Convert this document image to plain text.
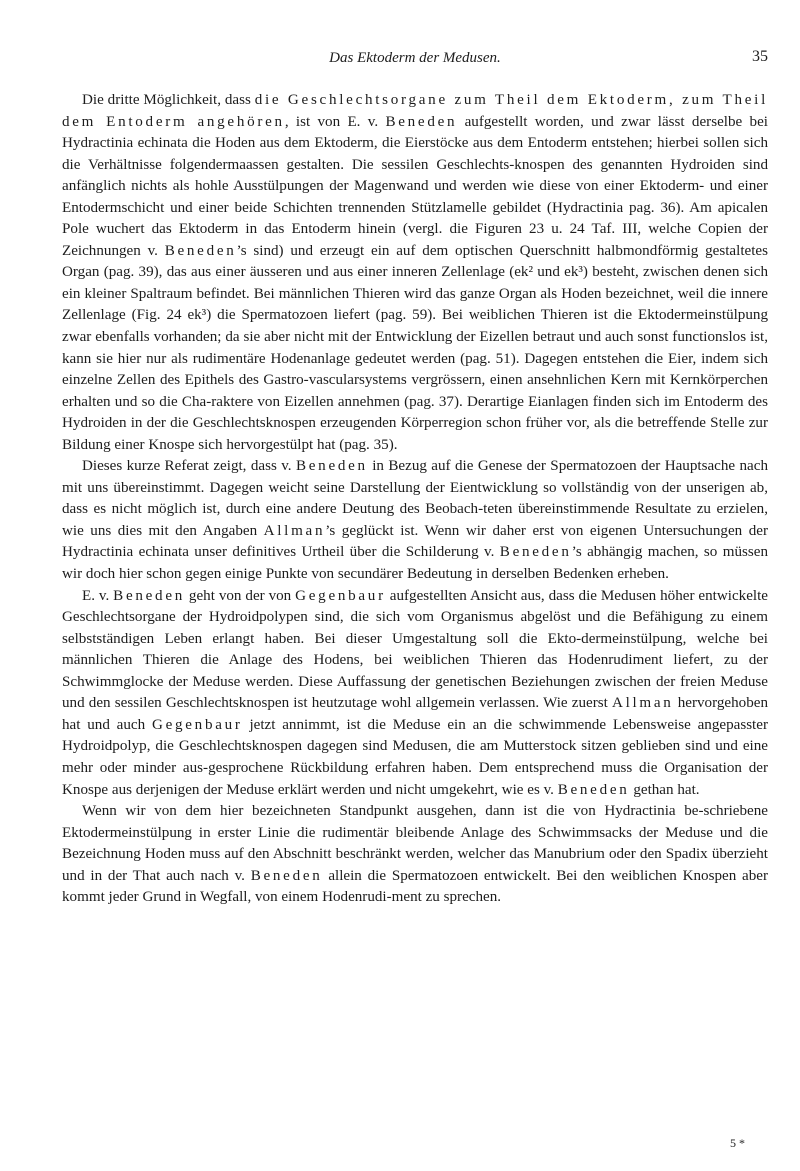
Das Ektoderm der Medusen.	35

Die dritte Möglichkeit, dass die Geschlechtsorgane zum Theil dem Ektoderm, zum Theil dem Entoderm angehören, ist von E. v. Beneden aufgestellt worden, und zwar lässt derselbe bei Hydractinia echinata die Hoden aus dem Ektoderm, die Eierstöcke aus dem Entoderm entstehen; hierbei sollen sich die Verhältnisse folgendermaassen gestalten. Die sessilen Geschlechts-knospen des genannten Hydroiden sind anfänglich nichts als hohle Ausstülpungen der Magenwand und werden wie diese von einer Ektoderm- und einer Entodermschicht und einer beide Schichten trennenden Stützlamelle gebildet (Hydractinia pag. 36). Am apicalen Pole wuchert das Ektoderm in das Entoderm hinein (vergl. die Figuren 23 u. 24 Taf. III, welche Copien der Zeichnungen v. Beneden’s sind) und erzeugt ein auf dem optischen Querschnitt halbmondförmig gestaltetes Organ (pag. 39), das aus einer äusseren und aus einer inneren Zellenlage (ek² und ek³) besteht, zwischen denen sich ein kleiner Spaltraum befindet. Bei männlichen Thieren wird das ganze Organ als Hoden bezeichnet, weil die innere Zellenlage (Fig. 24 ek³) die Spermatozoen liefert (pag. 59). Bei weiblichen Thieren ist die Ektodermeinstülpung zwar ebenfalls vorhanden; da sie aber nicht mit der Entwicklung der Eizellen betraut und auch sonst functionslos ist, kann sie hier nur als rudimentäre Hodenanlage gedeutet werden (pag. 51). Dagegen entstehen die Eier, indem sich einzelne Zellen des Epithels des Gastro-vascularsystems vergrössern, einen ansehnlichen Kern mit Kernkörperchen erhalten und so die Cha-raktere von Eizellen annehmen (pag. 37). Derartige Eianlagen finden sich im Entoderm des Hydroiden in der die Geschlechtsknospen erzeugenden Körperregion schon früher vor, als die betreffende Stelle zur Bildung einer Knospe sich hervorgestülpt hat (pag. 35).

Dieses kurze Referat zeigt, dass v. Beneden in Bezug auf die Genese der Spermatozoen der Hauptsache nach mit uns übereinstimmt. Dagegen weicht seine Darstellung der Eientwicklung so vollständig von der unserigen ab, dass es nicht möglich ist, durch eine andere Deutung des Beobach-teten übereinstimmende Resultate zu erzielen, wie uns dies mit den Angaben Allman’s geglückt ist. Wenn wir daher erst von eigenen Untersuchungen der Hydractinia echinata unser definitives Urtheil über die Schilderung v. Beneden’s abhängig machen, so müssen wir doch hier schon gegen einige Punkte von secundärer Bedeutung in derselben Bedenken erheben.

E. v. Beneden geht von der von Gegenbaur aufgestellten Ansicht aus, dass die Medusen höher entwickelte Geschlechtsorgane der Hydroidpolypen sind, die sich vom Organismus abgelöst und die Befähigung zu einem selbstständigen Leben erlangt haben. Bei dieser Umgestaltung soll die Ekto-dermeinstülpung, welche bei männlichen Thieren die Anlage des Hodens, bei weiblichen Thieren das Hodenrudiment liefert, zu der Schwimmglocke der Meduse werden. Diese Auffassung der genetischen Beziehungen zwischen der freien Meduse und den sessilen Geschlechtsknospen ist heutzutage wohl allgemein verlassen. Wie zuerst Allman hervorgehoben hat und auch Gegenbaur jetzt annimmt, ist die Meduse ein an die schwimmende Lebensweise angepasster Hydroidpolyp, die Geschlechtsknospen dagegen sind Medusen, die am Mutterstock sitzen geblieben sind und eine mehr oder minder aus-gesprochene Rückbildung erfahren haben. Dem entsprechend muss die Organisation der Knospe aus derjenigen der Meduse erklärt werden und nicht umgekehrt, wie es v. Beneden gethan hat.

Wenn wir von dem hier bezeichneten Standpunkt ausgehen, dann ist die von Hydractinia be-schriebene Ektodermeinstülpung in erster Linie die rudimentär bleibende Anlage des Schwimmsacks der Meduse und die Bezeichnung Hoden muss auf den Abschnitt beschränkt werden, welcher das Manubrium oder den Spadix überzieht und in der That auch nach v. Beneden allein die Spermatozoen entwickelt. Bei den weiblichen Knospen aber kommt jeder Grund in Wegfall, von einem Hodenrudi-ment zu sprechen.

5 *
